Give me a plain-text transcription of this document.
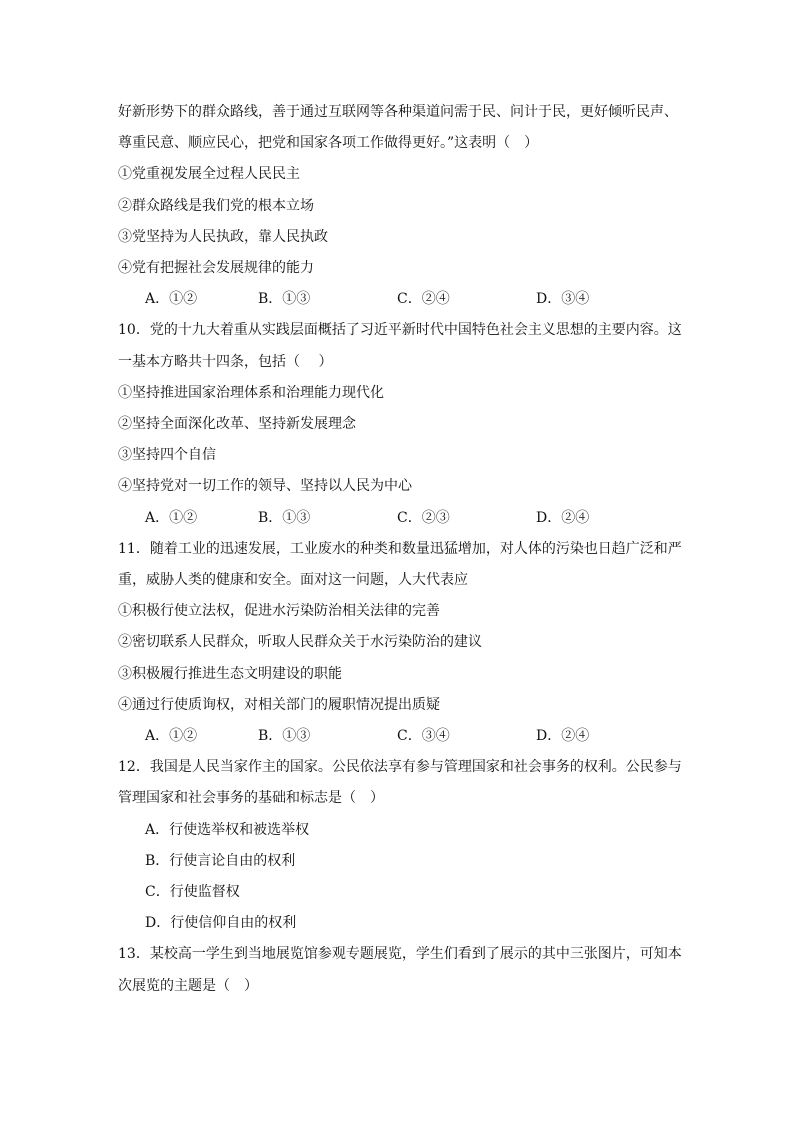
好新形势下的群众路线，善于通过互联网等各种渠道问需于民、问计于民，更好倾听民声、
尊重民意、顺应民心，把党和国家各项工作做得更好。”这表明（　）
①党重视发展全过程人民民主
②群众路线是我们党的根本立场
③党坚持为人民执政，靠人民执政
④党有把握社会发展规律的能力
A．①②	B．①③	C．②④	D．③④
10．党的十九大着重从实践层面概括了习近平新时代中国特色社会主义思想的主要内容。这
一基本方略共十四条，包括（　 ）
①坚持推进国家治理体系和治理能力现代化
②坚持全面深化改革、坚持新发展理念
③坚持四个自信
④坚持党对一切工作的领导、坚持以人民为中心
A．①②	B．①③	C．②③	D．②④
11．随着工业的迅速发展，工业废水的种类和数量迅猛增加，对人体的污染也日趋广泛和严
重，威胁人类的健康和安全。面对这一问题，人大代表应
①积极行使立法权，促进水污染防治相关法律的完善
②密切联系人民群众，听取人民群众关于水污染防治的建议
③积极履行推进生态文明建设的职能
④通过行使质询权，对相关部门的履职情况提出质疑
A．①②	B．①③	C．③④	D．②④
12．我国是人民当家作主的国家。公民依法享有参与管理国家和社会事务的权利。公民参与
管理国家和社会事务的基础和标志是（　）
A．行使选举权和被选举权
B．行使言论自由的权利
C．行使监督权
D．行使信仰自由的权利
13．某校高一学生到当地展览馆参观专题展览，学生们看到了展示的其中三张图片，可知本
次展览的主题是（　）
